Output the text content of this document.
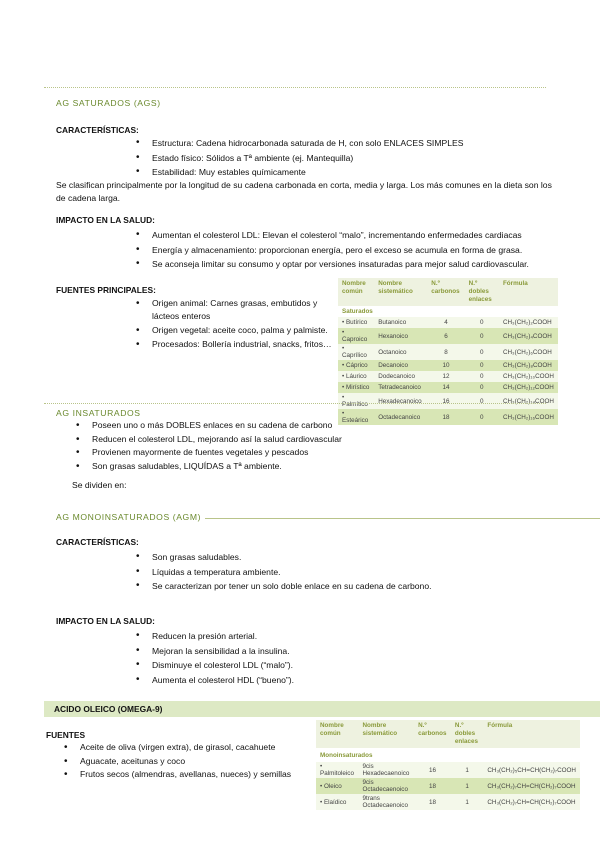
AG SATURADOS (AGS)
CARACTERÍSTICAS:
• Estructura: Cadena hidrocarbonada saturada de H, con solo ENLACES SIMPLES
• Estado físico: Sólidos a Tª ambiente (ej. Mantequilla)
• Estabilidad: Muy estables químicamente
Se clasifican principalmente por la longitud de su cadena carbonada en corta, media y larga. Los más comunes en la dieta son los de cadena larga.
IMPACTO EN LA SALUD:
• Aumentan el colesterol LDL: Elevan el colesterol “malo”, incrementando enfermedades cardiacas
• Energía y almacenamiento: proporcionan energía, pero el exceso se acumula en forma de grasa.
• Se aconseja limitar su consumo y optar por versiones insaturadas para mejor salud cardiovascular.
FUENTES PRINCIPALES:
• Origen animal: Carnes grasas, embutidos y lácteos enteros
• Origen vegetal: aceite coco, palma y palmiste.
• Procesados: Bollería industrial, snacks, fritos…
Nombre común	Nombre sistemático	N.º carbonos	N.º dobles enlaces	Fórmula
Saturados				
• Butírico	Butanoico	4	0	CH₃(CH₂)₂COOH
• Caproico	Hexanoico	6	0	CH₃(CH₂)₄COOH
• Caprílico	Octanoico	8	0	CH₃(CH₂)₆COOH
• Cáprico	Decanoico	10	0	CH₃(CH₂)₈COOH
• Láurico	Dodecanoico	12	0	CH₃(CH₂)₁₀COOH
• Mirístico	Tetradecanoico	14	0	CH₃(CH₂)₁₂COOH
• Palmítico	Hexadecanoico	16	0	CH₃(CH₂)₁₄COOH
• Esteárico	Octadecanoico	18	0	CH₃(CH₂)₁₆COOH
AG INSATURADOS
• Poseen uno o más DOBLES enlaces en su cadena de carbono
• Reducen el colesterol LDL, mejorando así la salud cardiovascular
• Provienen mayormente de fuentes vegetales y pescados
• Son grasas saludables, LIQUÍDAS a Tª ambiente.
Se dividen en:
AG MONOINSATURADOS (AGM)
CARACTERÍSTICAS:
• Son grasas saludables.
• Líquidas a temperatura ambiente.
• Se caracterizan por tener un solo doble enlace en su cadena de carbono.
IMPACTO EN LA SALUD:
• Reducen la presión arterial.
• Mejoran la sensibilidad a la insulina.
• Disminuye el colesterol LDL (“malo”).
• Aumenta el colesterol HDL (“bueno”).
ACIDO OLEICO (OMEGA-9)
FUENTES
• Aceite de oliva (virgen extra), de girasol, cacahuete
• Aguacate, aceitunas y coco
• Frutos secos (almendras, avellanas, nueces) y semillas
Nombre común	Nombre sistemático	N.º carbonos	N.º dobles enlaces	Fórmula
Monoinsaturados				
• Palmitoleico	9cis Hexadecaenoico	16	1	CH₃(CH₂)₅CH=CH(CH₂)₇COOH
• Oleico	9cis Octadecaenoico	18	1	CH₃(CH₂)₇CH=CH(CH₂)₇COOH
• Elaídico	9trans Octadecaenoico	18	1	CH₃(CH₂)₇CH=CH(CH₂)₇COOH
